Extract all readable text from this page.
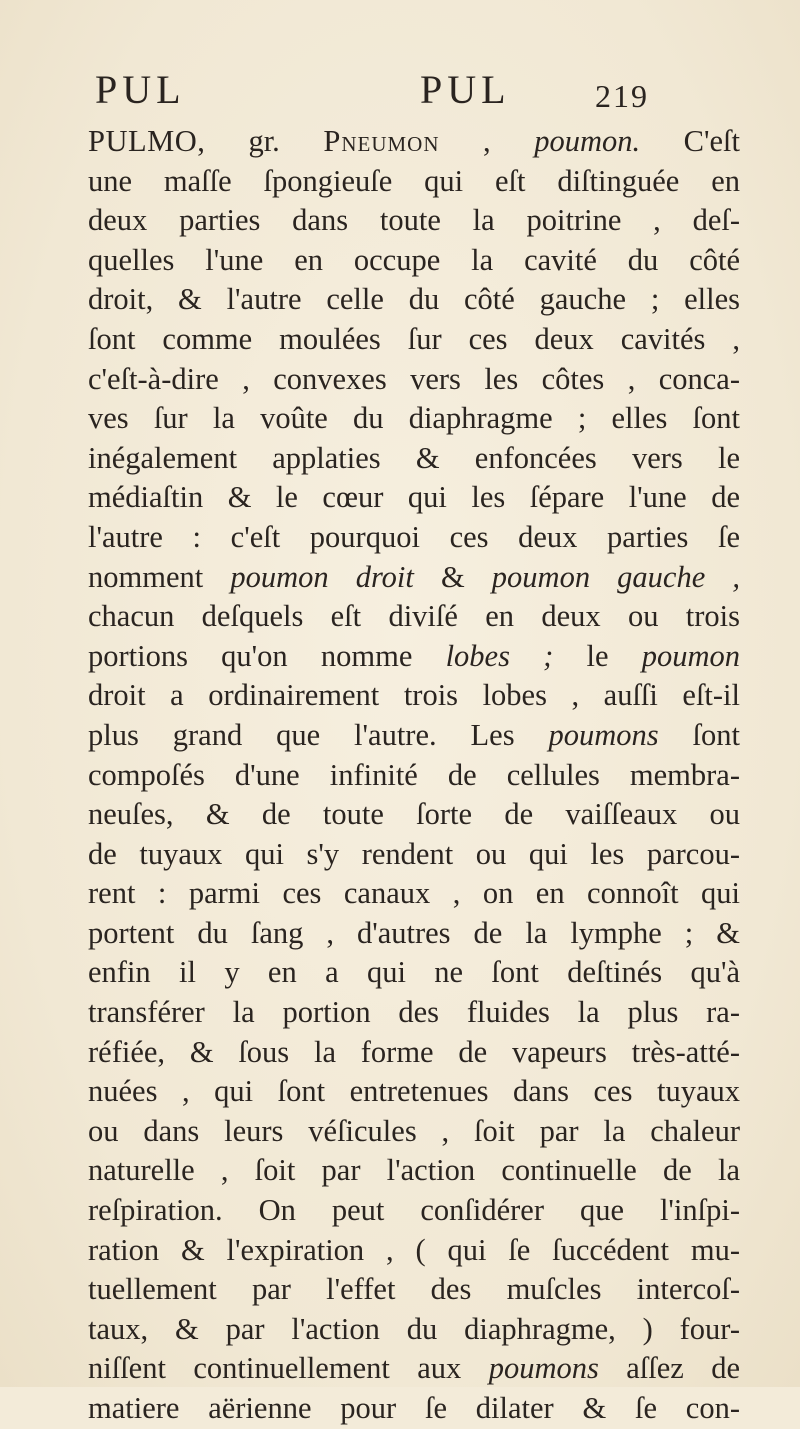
PUL	PUL	219
PULMO, gr. Pneumon , poumon. C'eſt
une maſſe ſpongieuſe qui eſt diſtinguée en
deux parties dans toute la poitrine , deſ-
quelles l'une en occupe la cavité du côté
droit, & l'autre celle du côté gauche ; elles
ſont comme moulées ſur ces deux cavités ,
c'eſt-à-dire , convexes vers les côtes , conca-
ves ſur la voûte du diaphragme ; elles ſont
inégalement applaties & enfoncées vers le
médiaſtin & le cœur qui les ſépare l'une de
l'autre : c'eſt pourquoi ces deux parties ſe
nomment poumon droit & poumon gauche ,
chacun deſquels eſt diviſé en deux ou trois
portions qu'on nomme lobes ; le poumon
droit a ordinairement trois lobes , auſſi eſt-il
plus grand que l'autre. Les poumons ſont
compoſés d'une infinité de cellules membra-
neuſes, & de toute ſorte de vaiſſeaux ou
de tuyaux qui s'y rendent ou qui les parcou-
rent : parmi ces canaux , on en connoît qui
portent du ſang , d'autres de la lymphe ; &
enfin il y en a qui ne ſont deſtinés qu'à
transférer la portion des fluides la plus ra-
réfiée, & ſous la forme de vapeurs très-atté-
nuées , qui ſont entretenues dans ces tuyaux
ou dans leurs véſicules , ſoit par la chaleur
naturelle , ſoit par l'action continuelle de la
reſpiration. On peut conſidérer que l'inſpi-
ration & l'expiration , ( qui ſe ſuccédent mu-
tuellement par l'effet des muſcles intercoſ-
taux, & par l'action du diaphragme, ) four-
niſſent continuellement aux poumons aſſez de
matiere aërienne pour ſe dilater & ſe con-
